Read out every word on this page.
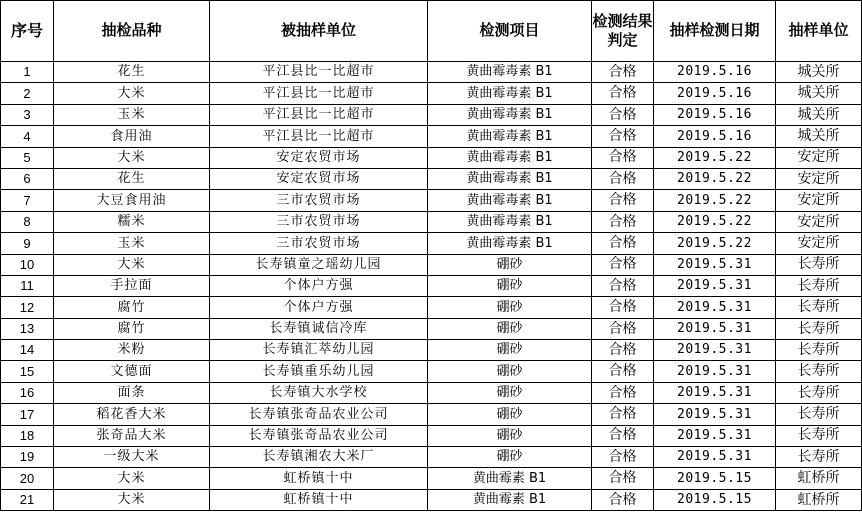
序号	抽检品种	被抽样单位	检测项目	检测结果判定	抽样检测日期	抽样单位
1	花生	平江县比一比超市	黄曲霉毒素 B1	合格	2019.5.16	城关所
2	大米	平江县比一比超市	黄曲霉毒素 B1	合格	2019.5.16	城关所
3	玉米	平江县比一比超市	黄曲霉毒素 B1	合格	2019.5.16	城关所
4	食用油	平江县比一比超市	黄曲霉毒素 B1	合格	2019.5.16	城关所
5	大米	安定农贸市场	黄曲霉毒素 B1	合格	2019.5.22	安定所
6	花生	安定农贸市场	黄曲霉毒素 B1	合格	2019.5.22	安定所
7	大豆食用油	三市农贸市场	黄曲霉毒素 B1	合格	2019.5.22	安定所
8	糯米	三市农贸市场	黄曲霉毒素 B1	合格	2019.5.22	安定所
9	玉米	三市农贸市场	黄曲霉毒素 B1	合格	2019.5.22	安定所
10	大米	长寿镇童之瑶幼儿园	硼砂	合格	2019.5.31	长寿所
11	手拉面	个体户方强	硼砂	合格	2019.5.31	长寿所
12	腐竹	个体户方强	硼砂	合格	2019.5.31	长寿所
13	腐竹	长寿镇诚信冷库	硼砂	合格	2019.5.31	长寿所
14	米粉	长寿镇汇萃幼儿园	硼砂	合格	2019.5.31	长寿所
15	文德面	长寿镇重乐幼儿园	硼砂	合格	2019.5.31	长寿所
16	面条	长寿镇大水学校	硼砂	合格	2019.5.31	长寿所
17	稻花香大米	长寿镇张奇品农业公司	硼砂	合格	2019.5.31	长寿所
18	张奇品大米	长寿镇张奇品农业公司	硼砂	合格	2019.5.31	长寿所
19	一级大米	长寿镇湘农大米厂	硼砂	合格	2019.5.31	长寿所
20	大米	虹桥镇十中	黄曲霉素 B1	合格	2019.5.15	虹桥所
21	大米	虹桥镇十中	黄曲霉素 B1	合格	2019.5.15	虹桥所
